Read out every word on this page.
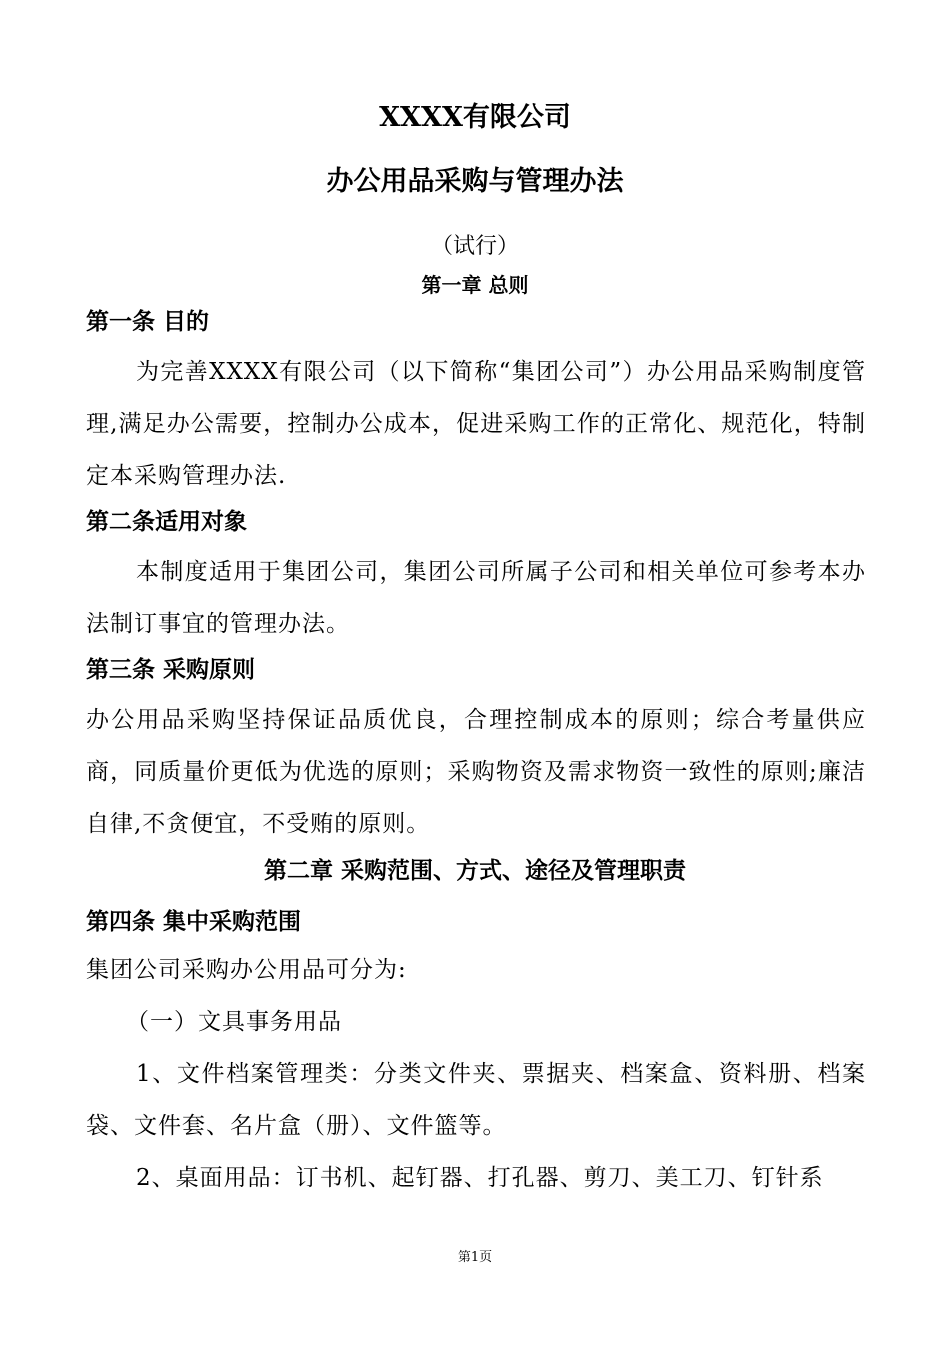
XXXX有限公司
办公用品采购与管理办法
（试行）
第一章 总则
第一条 目的
为完善XXXX有限公司（以下简称“集团公司”）办公用品采购制度管理,满足办公需要，控制办公成本，促进采购工作的正常化、规范化，特制定本采购管理办法.
第二条适用对象
本制度适用于集团公司，集团公司所属子公司和相关单位可参考本办法制订事宜的管理办法。
第三条 采购原则
办公用品采购坚持保证品质优良，合理控制成本的原则；综合考量供应商，同质量价更低为优选的原则；采购物资及需求物资一致性的原则;廉洁自律,不贪便宜，不受贿的原则。
第二章 采购范围、方式、途径及管理职责
第四条 集中采购范围
集团公司采购办公用品可分为:
（一）文具事务用品
1、文件档案管理类：分类文件夹、票据夹、档案盒、资料册、档案袋、文件套、名片盒（册）、文件篮等。
2、桌面用品：订书机、起钉器、打孔器、剪刀、美工刀、钉针系
第1页
